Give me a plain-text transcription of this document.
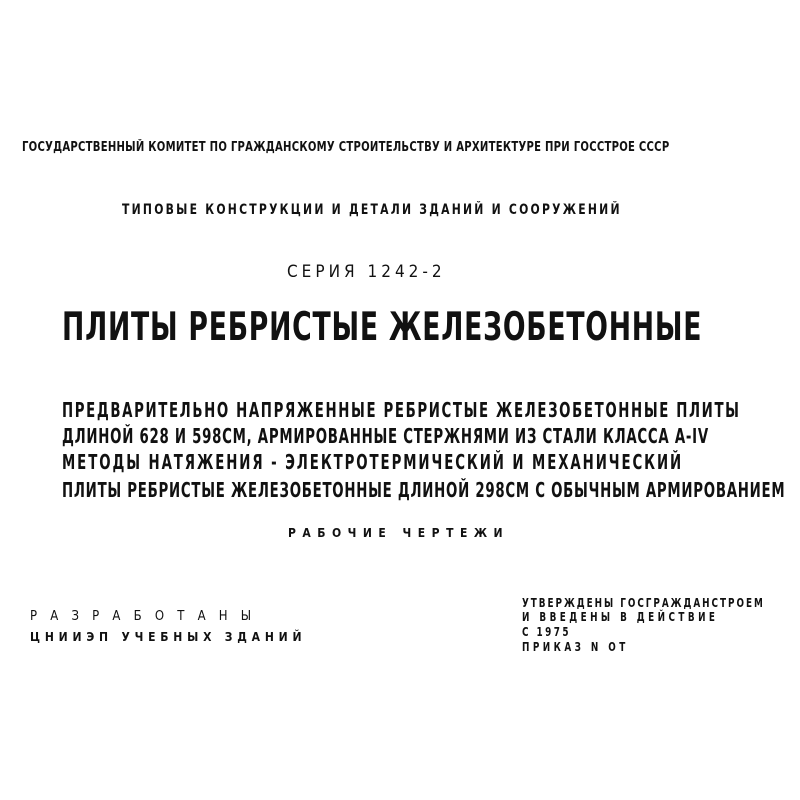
ГОСУДАРСТВЕННЫЙ КОМИТЕТ ПО ГРАЖДАНСКОМУ СТРОИТЕЛЬСТВУ И АРХИТЕКТУРЕ ПРИ ГОССТРОЕ СССР
ТИПОВЫЕ КОНСТРУКЦИИ И ДЕТАЛИ ЗДАНИЙ И СООРУЖЕНИЙ
СЕРИЯ 1242-2
ПЛИТЫ РЕБРИСТЫЕ ЖЕЛЕЗОБЕТОННЫЕ
ПРЕДВАРИТЕЛЬНО НАПРЯЖЕННЫЕ РЕБРИСТЫЕ ЖЕЛЕЗОБЕТОННЫЕ ПЛИТЫ
ДЛИНОЙ 628 И 598СМ, АРМИРОВАННЫЕ СТЕРЖНЯМИ ИЗ СТАЛИ КЛАССА А-IV
МЕТОДЫ НАТЯЖЕНИЯ - ЭЛЕКТРОТЕРМИЧЕСКИЙ И МЕХАНИЧЕСКИЙ
ПЛИТЫ РЕБРИСТЫЕ ЖЕЛЕЗОБЕТОННЫЕ ДЛИНОЙ 298СМ С ОБЫЧНЫМ АРМИРОВАНИЕМ
РАБОЧИЕ ЧЕРТЕЖИ
РАЗРАБОТАНЫ
ЦНИИЭП УЧЕБНЫХ ЗДАНИЙ
УТВЕРЖДЕНЫ ГОСГРАЖДАНСТРОЕМ
И ВВЕДЕНЫ В ДЕЙСТВИЕ
С 1975
ПРИКАЗ N ОТ
